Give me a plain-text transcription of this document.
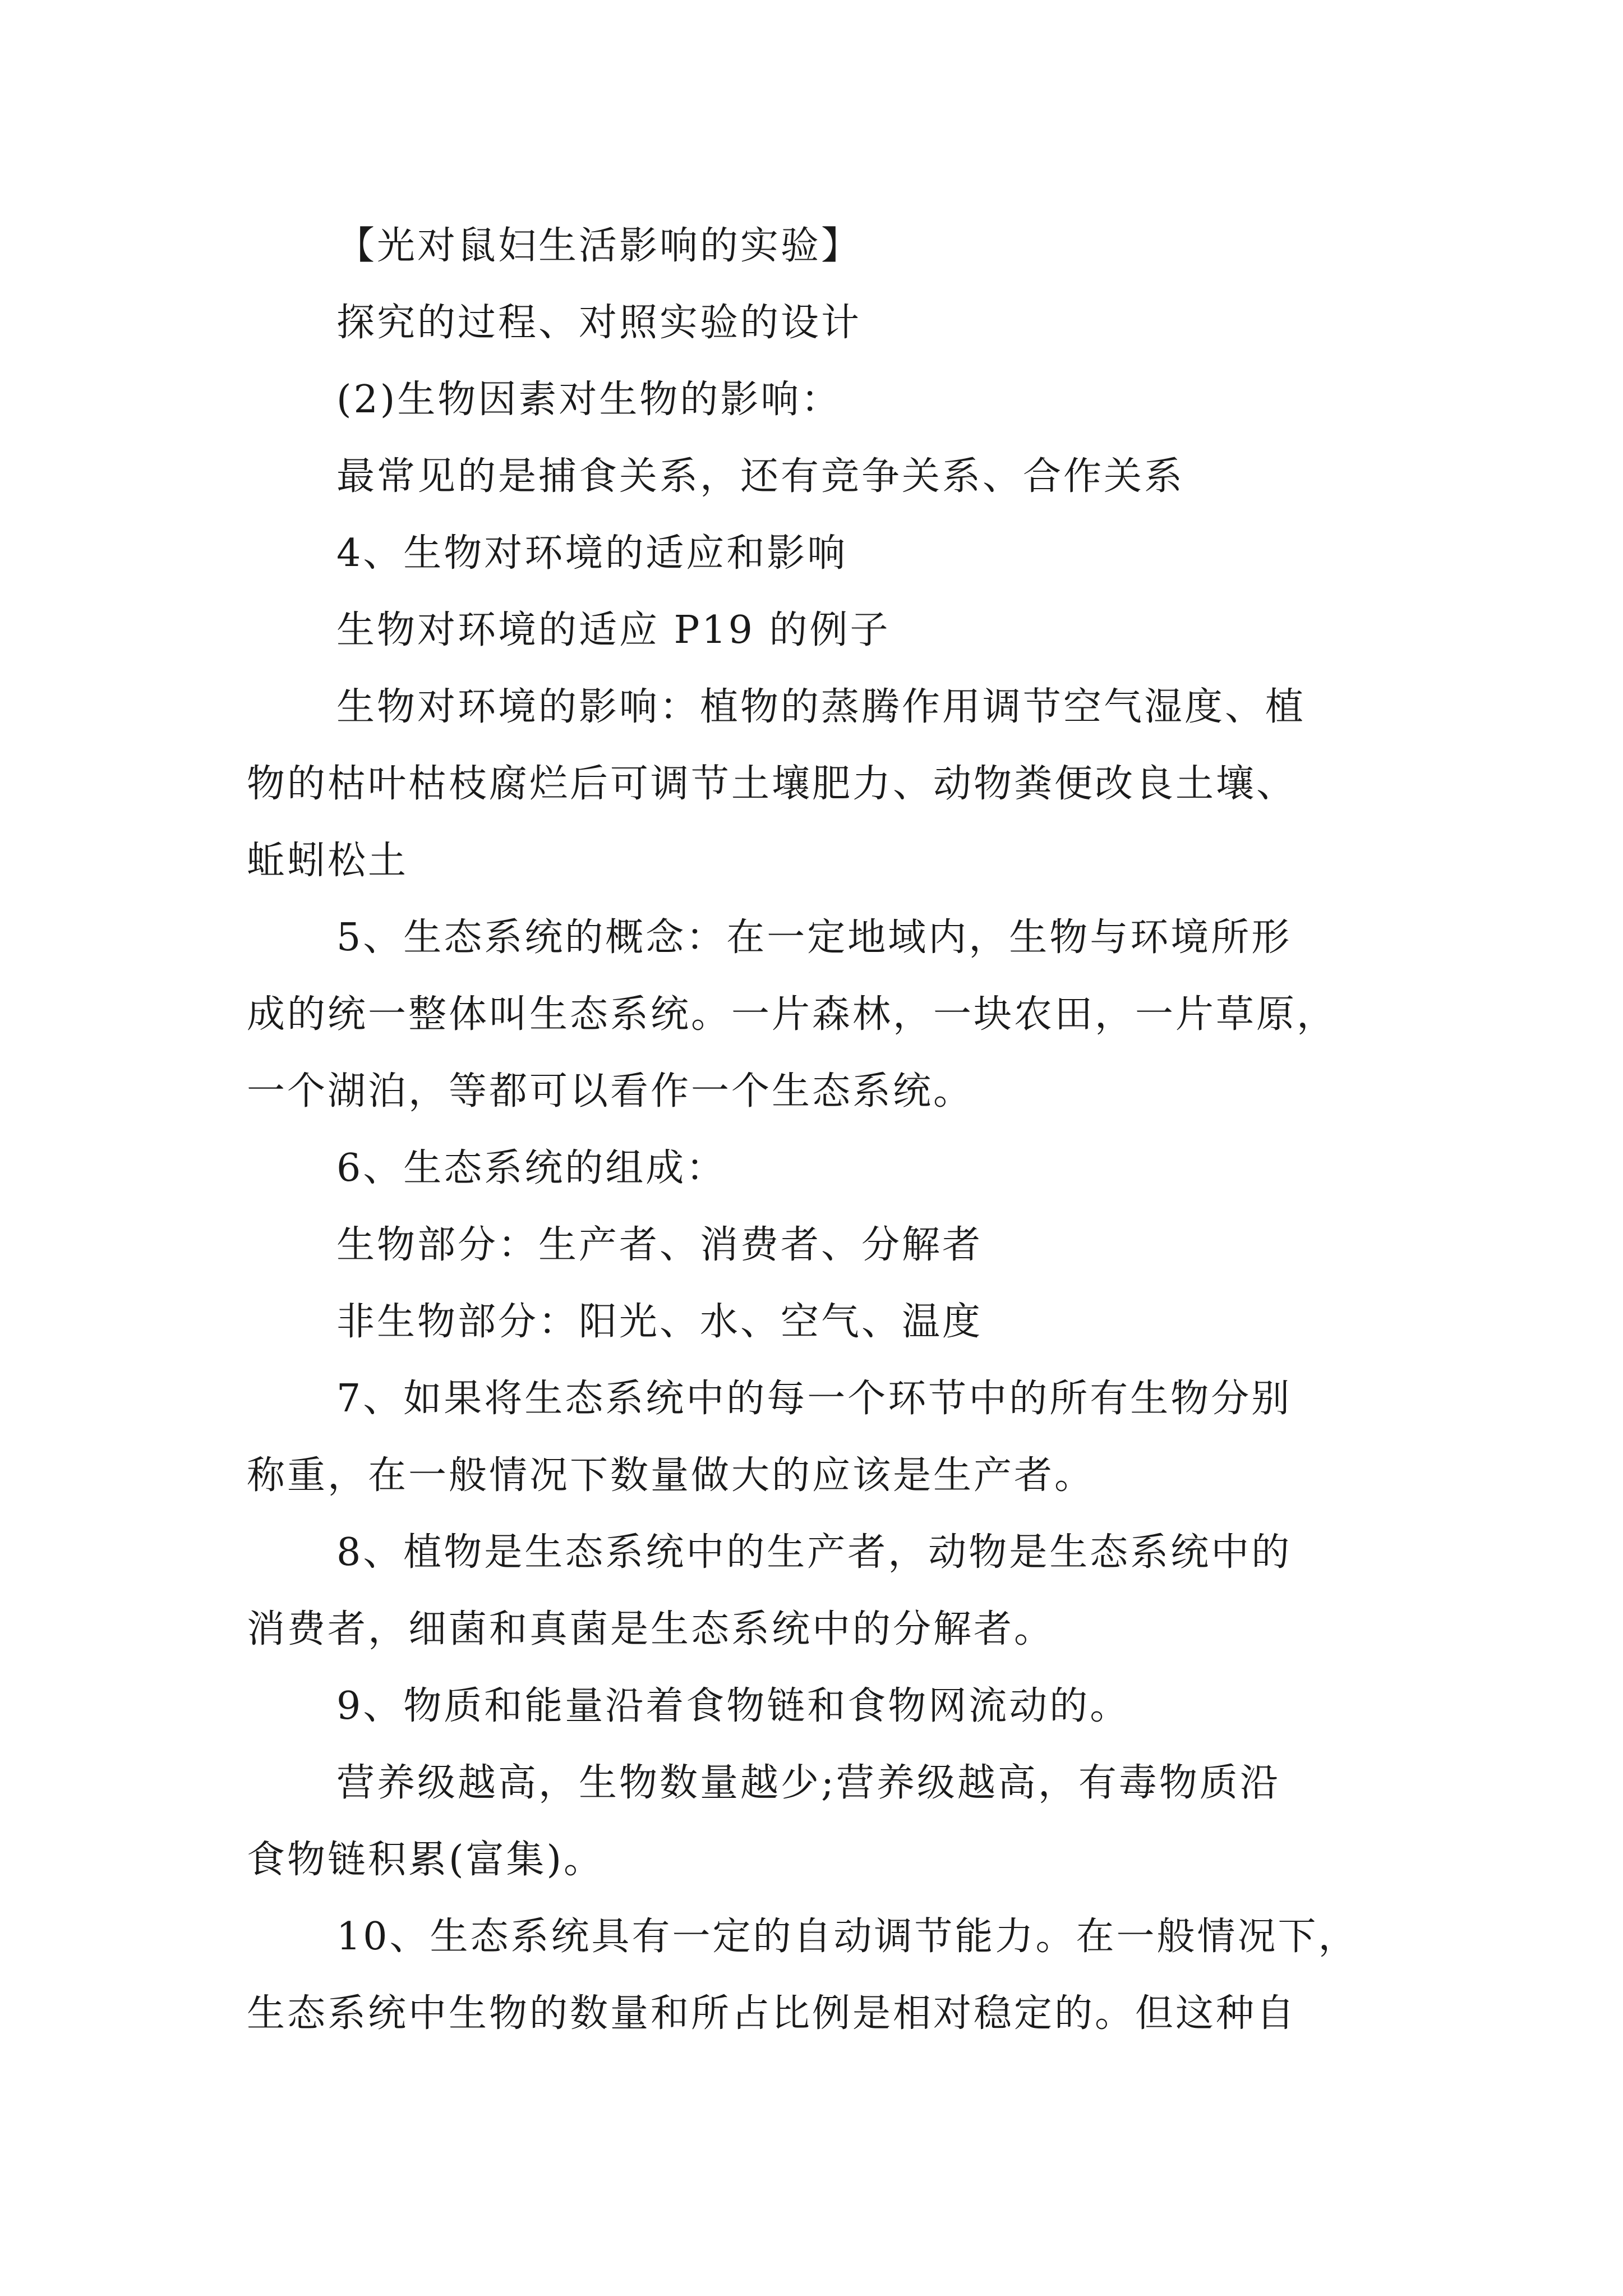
【光对鼠妇生活影响的实验】
探究的过程、对照实验的设计
(2)生物因素对生物的影响：
最常见的是捕食关系，还有竞争关系、合作关系
4、生物对环境的适应和影响
生物对环境的适应 P19 的例子
生物对环境的影响：植物的蒸腾作用调节空气湿度、植
物的枯叶枯枝腐烂后可调节土壤肥力、动物粪便改良土壤、
蚯蚓松土
5、生态系统的概念：在一定地域内，生物与环境所形
成的统一整体叫生态系统。一片森林，一块农田，一片草原，
一个湖泊，等都可以看作一个生态系统。
6、生态系统的组成：
生物部分：生产者、消费者、分解者
非生物部分：阳光、水、空气、温度
7、如果将生态系统中的每一个环节中的所有生物分别
称重，在一般情况下数量做大的应该是生产者。
8、植物是生态系统中的生产者，动物是生态系统中的
消费者，细菌和真菌是生态系统中的分解者。
9、物质和能量沿着食物链和食物网流动的。
营养级越高，生物数量越少;营养级越高，有毒物质沿
食物链积累(富集)。
10、生态系统具有一定的自动调节能力。在一般情况下，
生态系统中生物的数量和所占比例是相对稳定的。但这种自
